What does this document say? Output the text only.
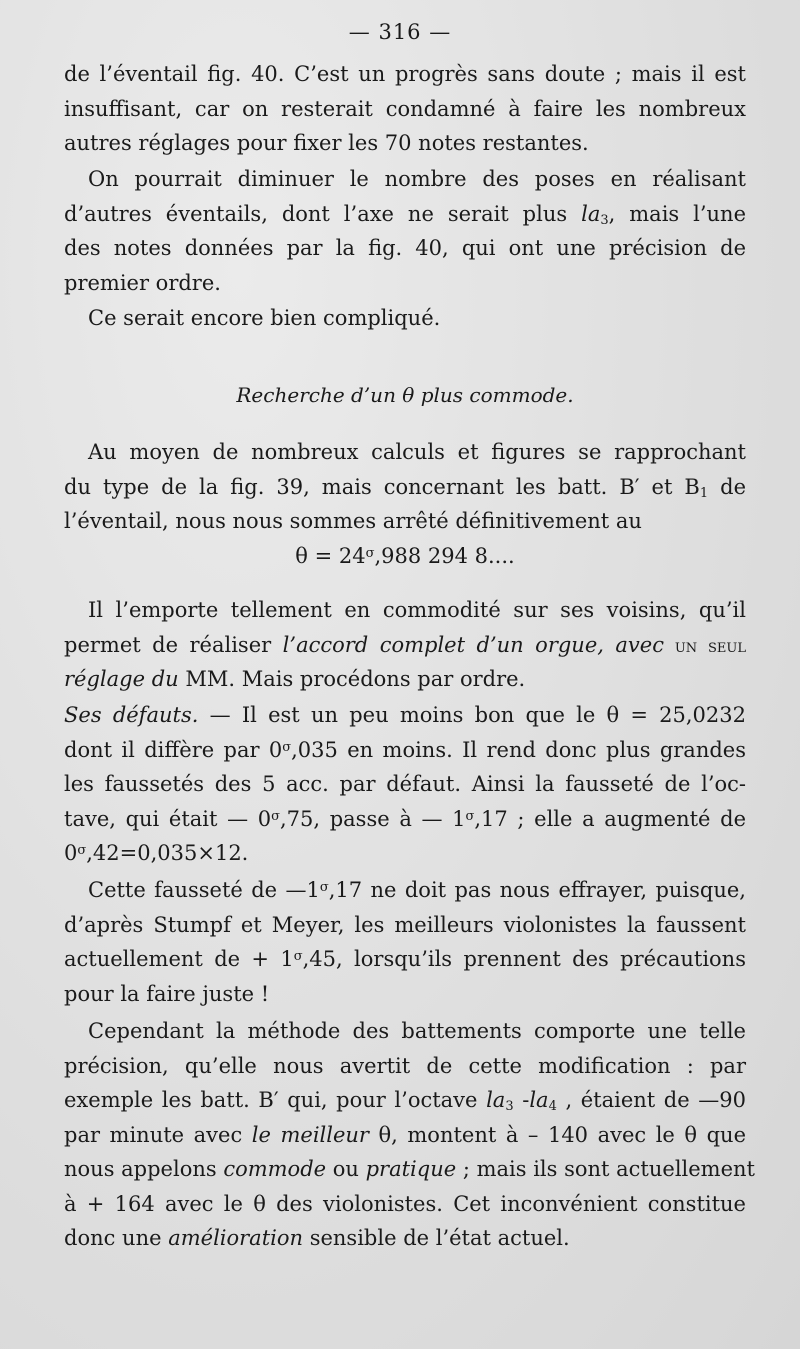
— 316 —
de l’éventail fig. 40. C’est un progrès sans doute ; mais il est
insuffisant, car on resterait condamné à faire les nombreux
autres réglages pour fixer les 70 notes restantes.
On pourrait diminuer le nombre des poses en réalisant
d’autres éventails, dont l’axe ne serait plus $la_3$, mais l’une
des notes données par la fig. 40, qui ont une précision de
premier ordre.
Ce serait encore bien compliqué.
Recherche d’un θ plus commode.
Au moyen de nombreux calculs et figures se rapprochant
du type de la fig. 39, mais concernant les batt. B′ et $B_1$ de
l’éventail, nous nous sommes arrêté définitivement au
$\theta = 24^\sigma,988$ 294 8....
Il l’emporte tellement en commodité sur ses voisins, qu’il
permet de réaliser l’accord complet d’un orgue, avec un seul
réglage du MM. Mais procédons par ordre.
Ses défauts. — Il est un peu moins bon que le θ = 25,0232
dont il diffère par $0^\sigma,035$ en moins. Il rend donc plus grandes
les faussetés des 5 acc. par défaut. Ainsi la fausseté de l’oc-
tave, qui était — $0^\sigma,75$, passe à — $1^\sigma,17$ ; elle a augmenté de
$0^\sigma,42=0,035\times 12$.
Cette fausseté de $—1^\sigma,17$ ne doit pas nous effrayer, puisque,
d’après Stumpf et Meyer, les meilleurs violonistes la faussent
actuellement de + $1^\sigma,45$, lorsqu’ils prennent des précautions
pour la faire juste !
Cependant la méthode des battements comporte une telle
précision, qu’elle nous avertit de cette modification : par
exemple les batt. B′ qui, pour l’octave $la_3$ $-la_4$ , étaient de —90
par minute avec le meilleur θ, montent à – 140 avec le θ que
nous appelons commode ou pratique ; mais ils sont actuellement
à + 164 avec le θ des violonistes. Cet inconvénient constitue
donc une amélioration sensible de l’état actuel.
